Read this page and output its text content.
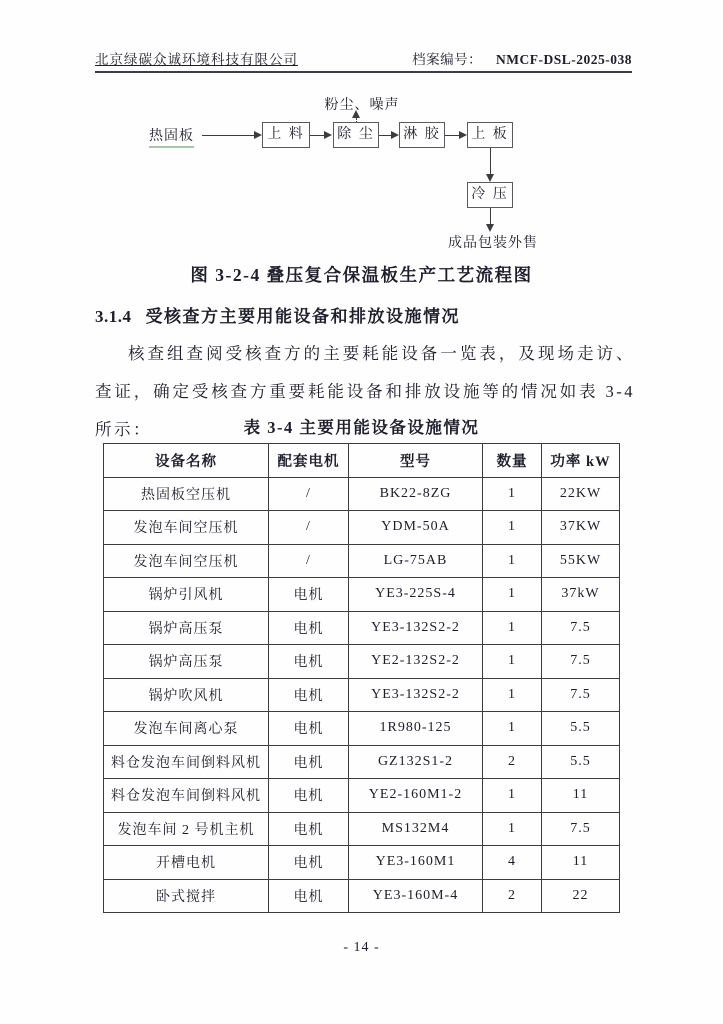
北京绿碳众诚环境科技有限公司	档案编号： NMCF-DSL-2025-038
粉尘、噪声
热固板	上 料	除 尘	淋 胶	上 板
冷 压
成品包装外售
图 3-2-4 叠压复合保温板生产工艺流程图
3.1.4 受核查方主要用能设备和排放设施情况

核查组查阅受核查方的主要耗能设备一览表，及现场走访、查证，确定受核查方重要耗能设备和排放设施等的情况如表 3-4 所示：	表 3-4 主要用能设备设施情况
设备名称	配套电机	型号	数量	功率 kW
热固板空压机	/	BK22-8ZG	1	22KW
发泡车间空压机	/	YDM-50A	1	37KW
发泡车间空压机	/	LG-75AB	1	55KW
锅炉引风机	电机	YE3-225S-4	1	37kW
锅炉高压泵	电机	YE3-132S2-2	1	7.5
锅炉高压泵	电机	YE2-132S2-2	1	7.5
锅炉吹风机	电机	YE3-132S2-2	1	7.5
发泡车间离心泵	电机	1R980-125	1	5.5
料仓发泡车间倒料风机	电机	GZ132S1-2	2	5.5
料仓发泡车间倒料风机	电机	YE2-160M1-2	1	11
发泡车间 2 号机主机	电机	MS132M4	1	7.5
开槽电机	电机	YE3-160M1	4	11
卧式搅拌	电机	YE3-160M-4	2	22
- 14 -
